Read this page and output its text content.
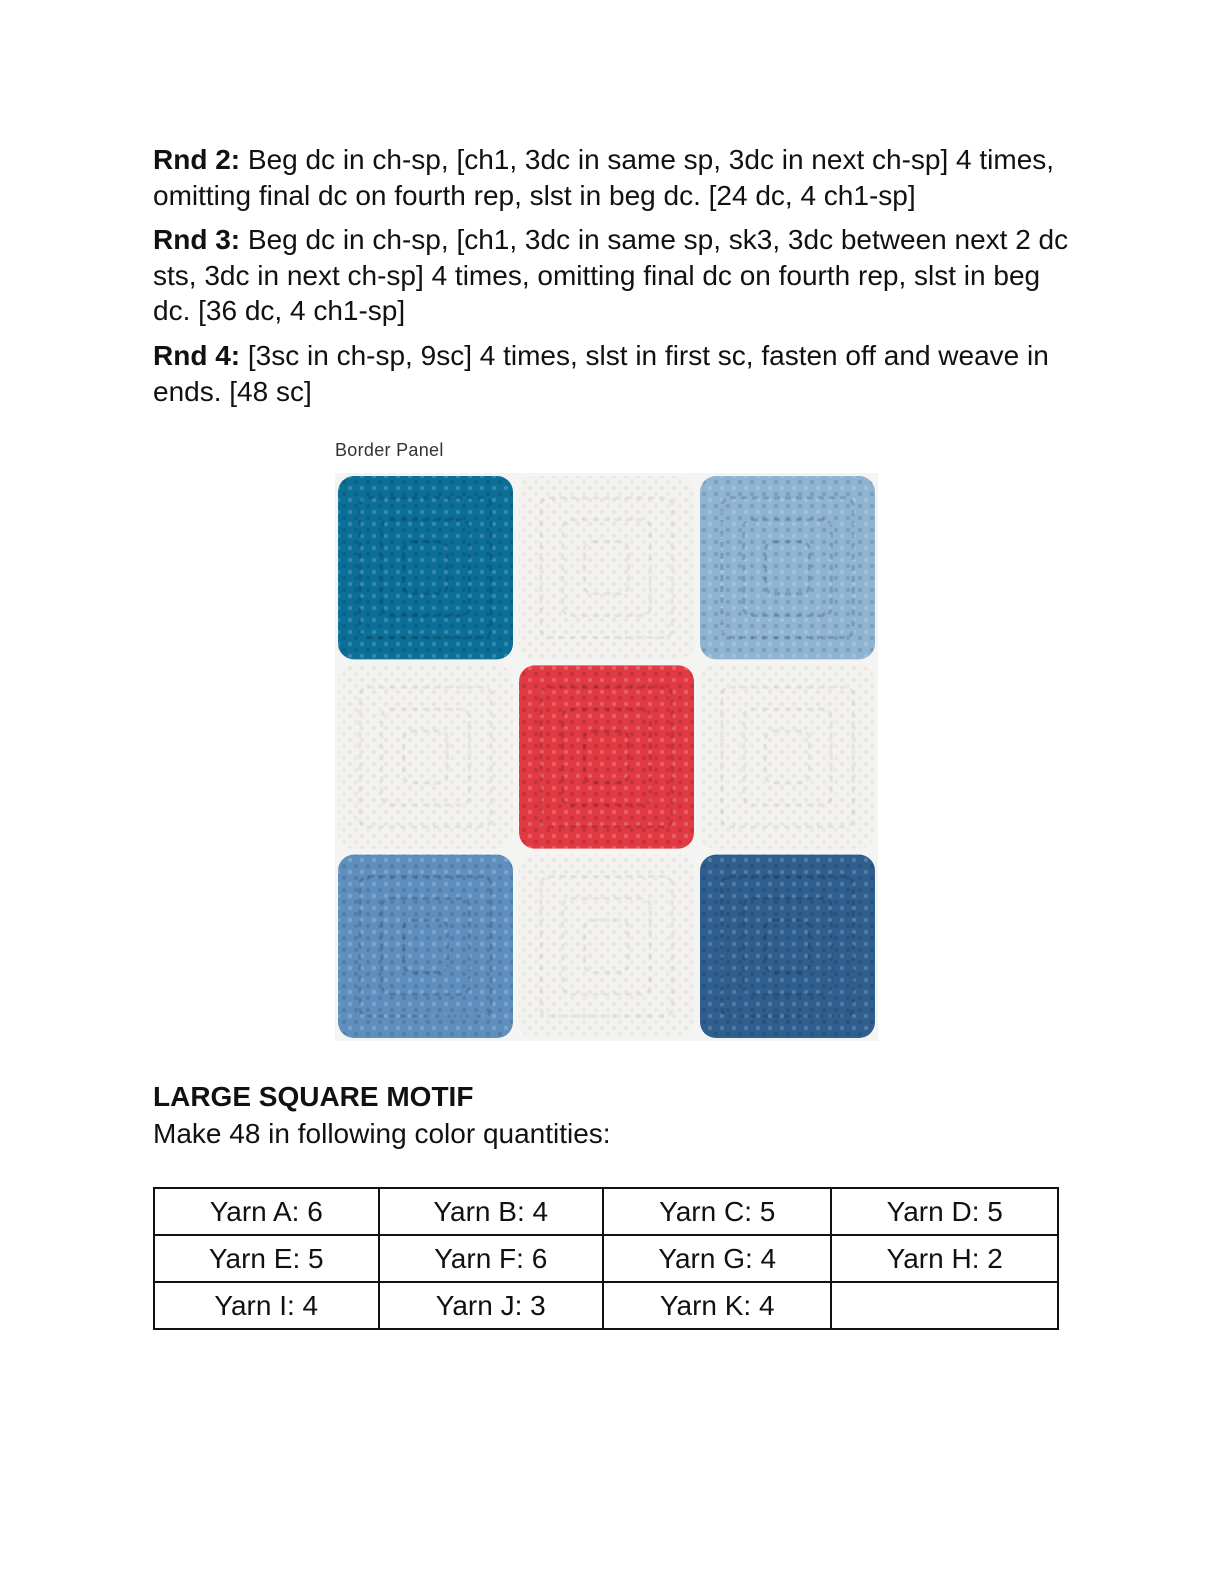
Rnd 2: Beg dc in ch-sp, [ch1, 3dc in same sp, 3dc in next ch-sp] 4 times, omitting final dc on fourth rep, slst in beg dc. [24 dc, 4 ch1-sp]

Rnd 3: Beg dc in ch-sp, [ch1, 3dc in same sp, sk3, 3dc between next 2 dc sts, 3dc in next ch-sp] 4 times, omitting final dc on fourth rep, slst in beg dc. [36 dc, 4 ch1-sp]

Rnd 4: [3sc in ch-sp, 9sc] 4 times, slst in first sc, fasten off and weave in ends. [48 sc]

Border Panel
LARGE SQUARE MOTIF
Make 48 in following color quantities:
Yarn A: 6	Yarn B: 4	Yarn C: 5	Yarn D: 5
Yarn E: 5	Yarn F: 6	Yarn G: 4	Yarn H: 2
Yarn I: 4	Yarn J: 3	Yarn K: 4	
